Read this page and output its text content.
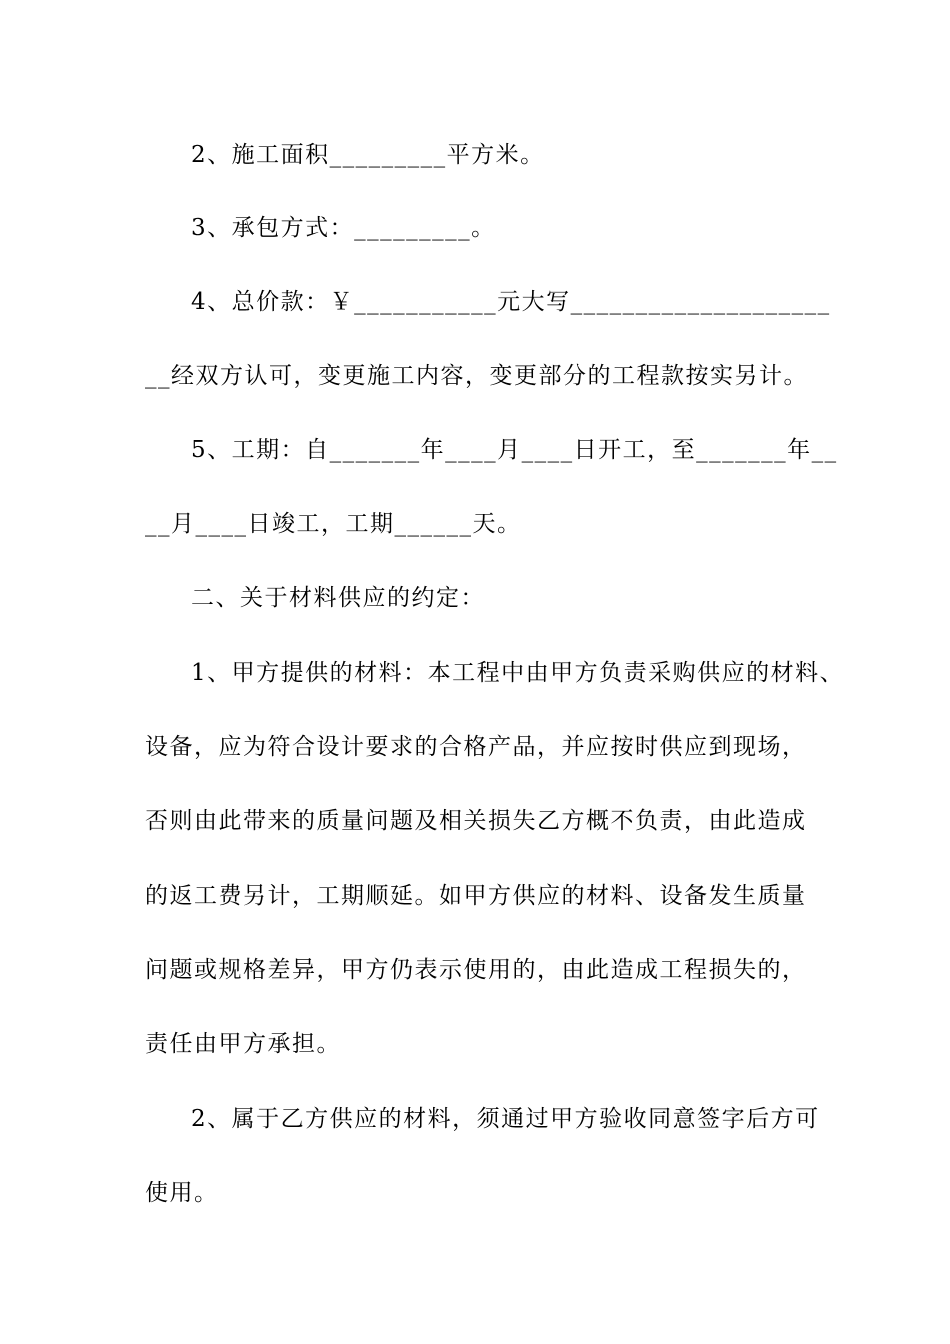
2、施工面积_________平方米。
3、承包方式：_________。
4、总价款：￥___________元大写____________________
__经双方认可，变更施工内容，变更部分的工程款按实另计。
5、工期：自_______年____月____日开工，至_______年__
__月____日竣工，工期______天。
二、关于材料供应的约定：
1、甲方提供的材料：本工程中由甲方负责采购供应的材料、
设备，应为符合设计要求的合格产品，并应按时供应到现场，
否则由此带来的质量问题及相关损失乙方概不负责，由此造成
的返工费另计，工期顺延。如甲方供应的材料、设备发生质量
问题或规格差异，甲方仍表示使用的，由此造成工程损失的，
责任由甲方承担。
2、属于乙方供应的材料，须通过甲方验收同意签字后方可
使用。
